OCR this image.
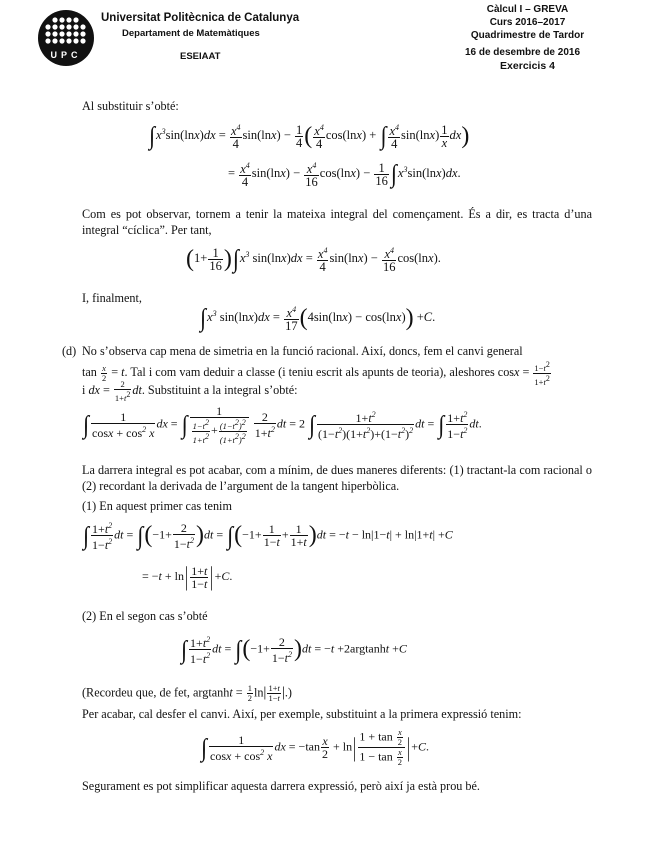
UPC
Universitat Politècnica de Catalunya
Departament de Matemàtiques
ESEIAAT
Càlcul I – GREVA
Curs 2016–2017
Quadrimestre de Tardor
16 de desembre de 2016
Exercicis 4
Al substituir s’obté:
$\int x^3\sin(\ln x)dx = \frac{x^4}{4} \sin(\ln x) - \frac{1}{4}$ ( $\frac{x^4}{4} \cos(\ln x)$ + ∫ $\frac{x^4}{4} \sin(\ln x) \frac{1}{x} dx$)
= $\frac{x^4}{4} \sin(\ln x) - \frac{x^4}{16} \cos(\ln x) - \frac{1}{16} \int x^3\sin(\ln x)dx$.
Com es pot observar, tornem a tenir la mateixa integral del començament. És a dir, es tracta d’una integral “cíclica”. Per tant,
$(1+ \frac{1}{16} )\int x^3$ $\sin(\ln x)dx = \frac{x^4}{4} \sin(\ln x) - \frac{x^4}{16} \cos(\ln x)$.
I, finalment,
$\int x^3$ $\sin(\ln x)dx = \frac{x^4}{17} (4\sin(\ln x) - \cos(\ln x)) +C$.
(d) No s’observa cap mena de simetria en la funció racional. Així, doncs, fem el canvi general
$\tan \frac{x}{2} = t$. Tal i com vam deduir a classe (i teniu escrit als apunts de teoria), aleshores $\cos x = \frac{1-t^2}{1+t^2}$
i dx = $\frac{2}{1+t^2}$ dt. Substituint a la integral s’obté:
∫ $\frac{1}{\cos x + \cos^2 x}$ dx = ∫ $\frac{1}{\frac{1-t^2}{1+t^2} + \frac{(1-t^2)^2}{(1+t^2)^2}}$
$\frac{2}{1+t^2}$ dt = 2 ∫ $\frac{1+t^2}{(1-t^2)(1+t^2)+(1-t^2)^2}$ dt = ∫ $\frac{1+t^2}{1-t^2}$ dt.
La darrera integral es pot acabar, com a mínim, de dues maneres diferents: (1) tractant-la com racional o (2) recordant la derivada de l’argument de la tangent hiperbòlica.
(1) En aquest primer cas tenim
∫ $\frac{1+t^2}{1-t^2}$ dt = $\int(-1+ \frac{2}{1-t^2} )dt = \int(-1+ \frac{1}{1-t} + \frac{1}{1+t} )dt = -t - \ln|1-t| + \ln|1+t| +C$
= $-t + \ln| \frac{1+t}{1-t} |+C$.
(2) En el segon cas s’obté
∫ $\frac{1+t^2}{1-t^2}$ dt = $\int(-1+ \frac{2}{1-t^2} )dt = -t +2argtanht +C$
(Recordeu que, de fet, $argtanht = \frac{1}{2} \ln| \frac{1+t}{1-t}$ |.)
Per acabar, cal desfer el canvi. Així, per exemple, substituint a la primera expressió tenim:
∫ $\frac{1}{\cos x + \cos^2 x}$ dx = $-\tan \frac{x}{2} + \ln| \frac{1 + \tan \frac{x}{2}}{1 - \tan \frac{x}{2}} |+C$.
Segurament es pot simplificar aquesta darrera expressió, però així ja està prou bé.
